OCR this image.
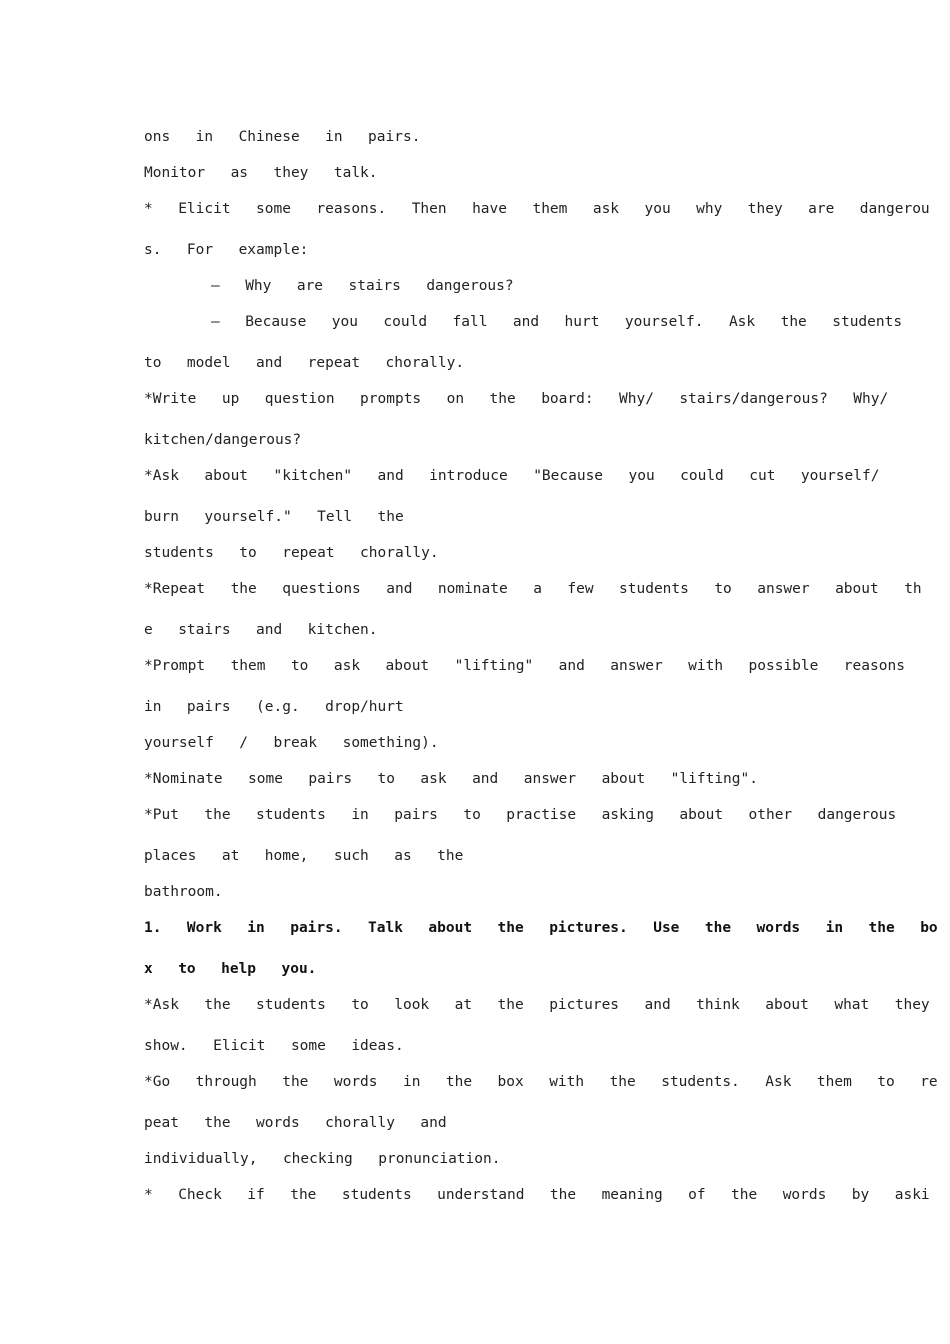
ons  in  Chinese  in  pairs.
Monitor  as  they  talk.
*  Elicit  some  reasons.  Then  have  them  ask  you  why  they  are  dangerou
s.  For  example:
—  Why  are  stairs  dangerous?
—  Because  you  could  fall  and  hurt  yourself.  Ask  the  students
to  model  and  repeat  chorally.
*Write  up  question  prompts  on  the  board:  Why/  stairs/dangerous?  Why/
kitchen/dangerous?
*Ask  about  "kitchen"  and  introduce  "Because  you  could  cut  yourself/
burn  yourself."  Tell  the
students  to  repeat  chorally.
*Repeat  the  questions  and  nominate  a  few  students  to  answer  about  th
e  stairs  and  kitchen.
*Prompt  them  to  ask  about  "lifting"  and  answer  with  possible  reasons
in  pairs  (e.g.  drop/hurt
yourself  /  break  something).
*Nominate  some  pairs  to  ask  and  answer  about  "lifting".
*Put  the  students  in  pairs  to  practise  asking  about  other  dangerous
places  at  home,  such  as  the
bathroom.
1.  Work  in  pairs.  Talk  about  the  pictures.  Use  the  words  in  the  bo
x  to  help  you.
*Ask  the  students  to  look  at  the  pictures  and  think  about  what  they
show.  Elicit  some  ideas.
*Go  through  the  words  in  the  box  with  the  students.  Ask  them  to  re
peat  the  words  chorally  and
individually,  checking  pronunciation.
*  Check  if  the  students  understand  the  meaning  of  the  words  by  aski
